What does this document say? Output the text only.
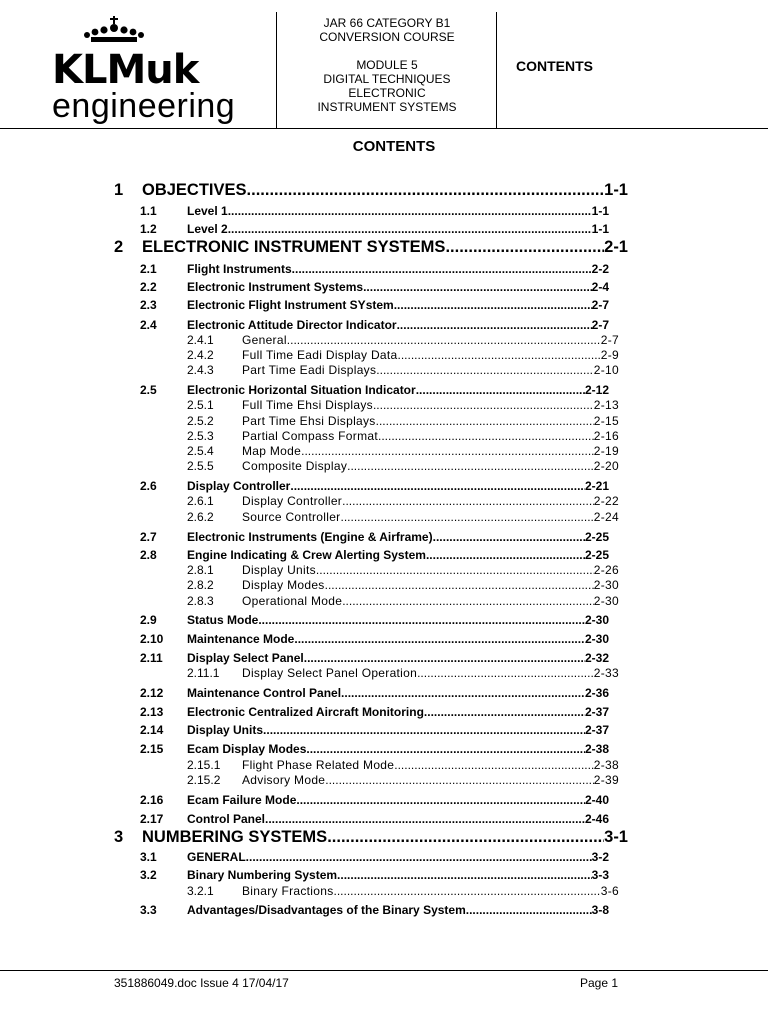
KLMuk
engineering
JAR 66 CATEGORY B1
CONVERSION COURSE

MODULE 5
DIGITAL TECHNIQUES
ELECTRONIC
INSTRUMENT SYSTEMS
CONTENTS
CONTENTS
1	OBJECTIVES .....	1-1
1.1	Level 1 .....	1-1
1.2	Level 2 .....	1-1
2	ELECTRONIC INSTRUMENT SYSTEMS .....	2-1
2.1	Flight Instruments .....	2-2
2.2	Electronic Instrument Systems .....	2-4
2.3	Electronic Flight Instrument SYstem .....	2-7
2.4	Electronic Attitude Director Indicator .....	2-7
2.4.1	General .....	2-7
2.4.2	Full Time Eadi Display Data .....	2-9
2.4.3	Part Time Eadi Displays .....	2-10
2.5	Electronic Horizontal Situation Indicator .....	2-12
2.5.1	Full Time Ehsi Displays .....	2-13
2.5.2	Part Time Ehsi Displays .....	2-15
2.5.3	Partial Compass Format .....	2-16
2.5.4	Map Mode .....	2-19
2.5.5	Composite Display .....	2-20
2.6	Display Controller .....	2-21
2.6.1	Display Controller .....	2-22
2.6.2	Source Controller .....	2-24
2.7	Electronic Instruments (Engine & Airframe) .....	2-25
2.8	Engine Indicating & Crew Alerting System .....	2-25
2.8.1	Display Units .....	2-26
2.8.2	Display Modes .....	2-30
2.8.3	Operational Mode .....	2-30
2.9	Status Mode .....	2-30
2.10	Maintenance Mode .....	2-30
2.11	Display Select Panel .....	2-32
2.11.1	Display Select Panel Operation .....	2-33
2.12	Maintenance Control Panel .....	2-36
2.13	Electronic Centralized Aircraft Monitoring .....	2-37
2.14	Display Units .....	2-37
2.15	Ecam Display Modes .....	2-38
2.15.1	Flight Phase Related Mode .....	2-38
2.15.2	Advisory Mode .....	2-39
2.16	Ecam Failure Mode .....	2-40
2.17	Control Panel .....	2-46
3	NUMBERING SYSTEMS .....	3-1
3.1	GENERAL .....	3-2
3.2	Binary Numbering System .....	3-3
3.2.1	Binary Fractions .....	3-6
3.3	Advantages/Disadvantages of the Binary System .....	3-8
351886049.doc Issue 4 17/04/17	Page 1
